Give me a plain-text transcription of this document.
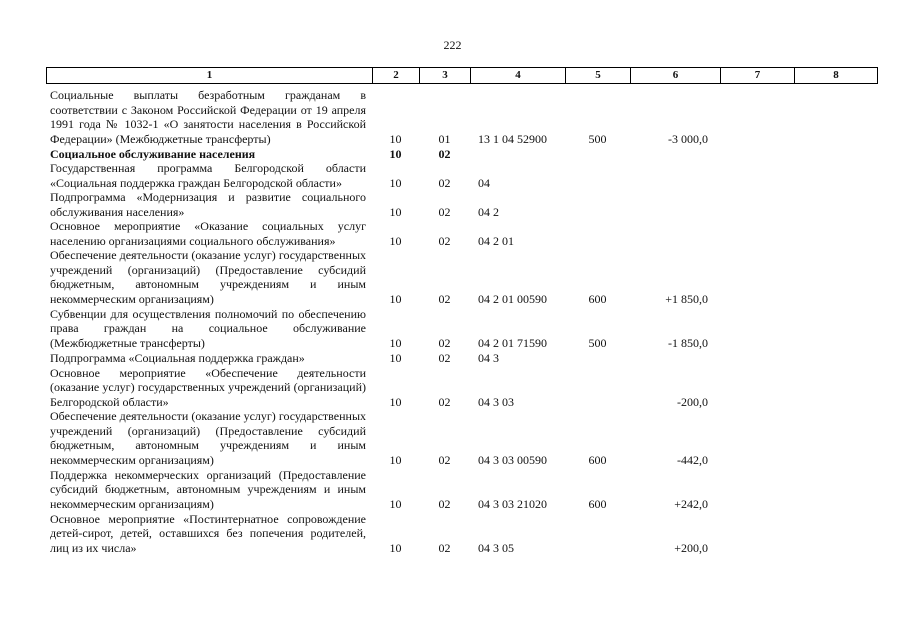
222
1	2	3	4	5	6	7	8
Социальные выплаты безработным гражданам в соответствии с Законом Российской Федерации от 19 апреля 1991 года № 1032-1 «О занятости населения в Российской Федерации» (Межбюджетные трансферты)	10	01	13 1 04 52900	500	-3 000,0		
Социальное обслуживание населения	10	02					
Государственная программа Белгородской области «Социальная поддержка граждан Белгородской области»	10	02	04				
Подпрограмма «Модернизация и развитие социального обслуживания населения»	10	02	04 2				
Основное мероприятие «Оказание социальных услуг населению организациями социального обслуживания»	10	02	04 2 01				
Обеспечение деятельности (оказание услуг) государственных учреждений (организаций) (Предоставление субсидий бюджетным, автономным учреждениям и иным некоммерческим организациям)	10	02	04 2 01 00590	600	+1 850,0		
Субвенции для осуществления полномочий по обеспечению права граждан на социальное обслуживание (Межбюджетные трансферты)	10	02	04 2 01 71590	500	-1 850,0		
Подпрограмма «Социальная поддержка граждан»	10	02	04 3				
Основное мероприятие «Обеспечение деятельности (оказание услуг) государственных учреждений (организаций) Белгородской области»	10	02	04 3 03		-200,0		
Обеспечение деятельности (оказание услуг) государственных учреждений (организаций) (Предоставление субсидий бюджетным, автономным учреждениям и иным некоммерческим организациям)	10	02	04 3 03 00590	600	-442,0		
Поддержка некоммерческих организаций (Предоставление субсидий бюджетным, автономным учреждениям и иным некоммерческим организациям)	10	02	04 3 03 21020	600	+242,0		
Основное мероприятие «Постинтернатное сопровождение детей-сирот, детей, оставшихся без попечения родителей, лиц из их числа»	10	02	04 3 05		+200,0		
